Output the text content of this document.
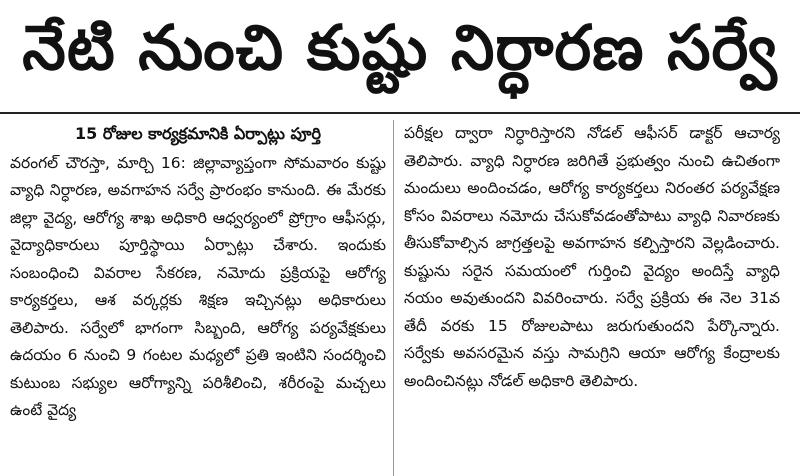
నేటి నుంచి కుష్టు నిర్ధారణ సర్వే
15 రోజుల కార్యక్రమానికి ఏర్పాట్లు పూర్తి

వరంగల్ చౌరస్తా, మార్చి 16: జిల్లావ్యాప్తంగా సోమవారం కుష్టు వ్యాధి నిర్ధారణ, అవగాహన సర్వే ప్రారంభం కానుంది. ఈ మేరకు జిల్లా వైద్య, ఆరోగ్య శాఖ అధికారి ఆధ్వర్యంలో ప్రోగ్రాం ఆఫీసర్లు, వైద్యాధికారులు పూర్తిస్థాయి ఏర్పాట్లు చేశారు. ఇందుకు సంబంధించి వివరాల సేకరణ, నమోదు ప్రక్రియపై ఆరోగ్య కార్యకర్తలు, ఆశ వర్కర్లకు శిక్షణ ఇచ్చినట్లు అధికారులు తెలిపారు. సర్వేలో భాగంగా సిబ్బంది, ఆరోగ్య పర్యవేక్షకులు ఉదయం 6 నుంచి 9 గంటల మధ్యలో ప్రతి ఇంటిని సందర్శించి కుటుంబ సభ్యుల ఆరోగ్యాన్ని పరిశీలించి, శరీరంపై మచ్చలు ఉంటే వైద్య

పరీక్షల ద్వారా నిర్ధారిస్తారని నోడల్ ఆఫీసర్ డాక్టర్ ఆచార్య తెలిపారు. వ్యాధి నిర్ధారణ జరిగితే ప్రభుత్వం నుంచి ఉచితంగా మందులు అందించడం, ఆరోగ్య కార్యకర్తలు నిరంతర పర్యవేక్షణ కోసం వివరాలు నమోదు చేసుకోవడంతోపాటు వ్యాధి నివారణకు తీసుకోవాల్సిన జాగ్రత్తలపై అవగాహన కల్పిస్తారని వెల్లడించారు. కుష్టును సరైన సమయంలో గుర్తించి వైద్యం అందిస్తే వ్యాధి నయం అవుతుందని వివరించారు. సర్వే ప్రక్రియ ఈ నెల 31వ తేదీ వరకు 15 రోజులపాటు జరుగుతుందని పేర్కొన్నారు. సర్వేకు అవసరమైన వస్తు సామగ్రిని ఆయా ఆరోగ్య కేంద్రాలకు అందించినట్లు నోడల్ అధికారి తెలిపారు.
